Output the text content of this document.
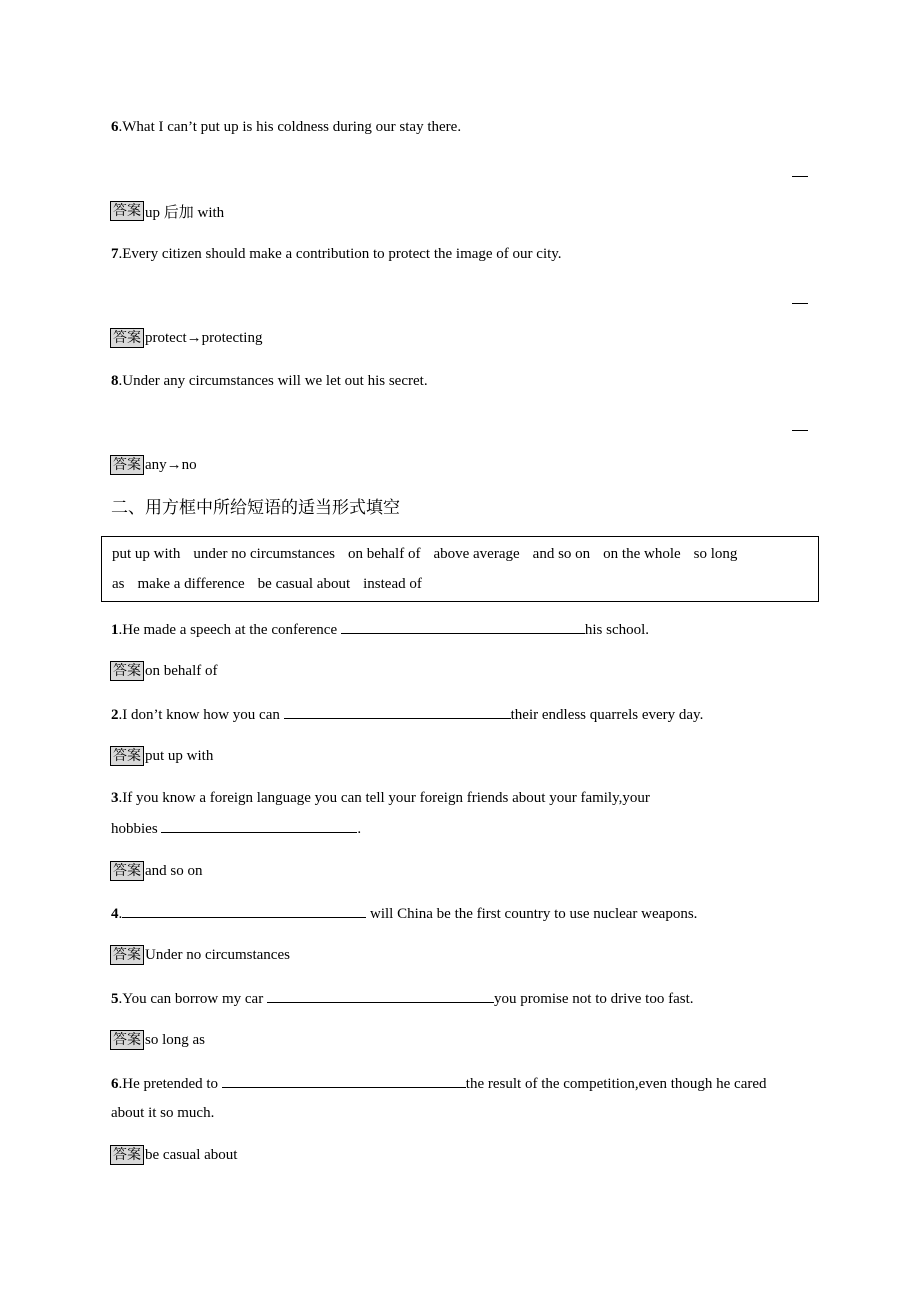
6.What I can’t put up is his coldness during our stay there.
答案 up 后加 with
7.Every citizen should make a contribution to protect the image of our city.
答案 protect→protecting
8.Under any circumstances will we let out his secret.
答案 any→no
二、用方框中所给短语的适当形式填空
put up with under no circumstances on behalf of above average and so on on the whole so long
as make a difference be casual about instead of
1.He made a speech at the conference	his school.
答案 on behalf of
2.I don’t know how you can	their endless quarrels every day.
答案 put up with
3.If you know a foreign language you can tell your foreign friends about your family,your
hobbies	.
答案 and so on
4.	will China be the first country to use nuclear weapons.
答案 Under no circumstances
5.You can borrow my car	you promise not to drive too fast.
答案 so long as
6.He pretended to	the result of the competition,even though he cared
about it so much.
答案 be casual about
